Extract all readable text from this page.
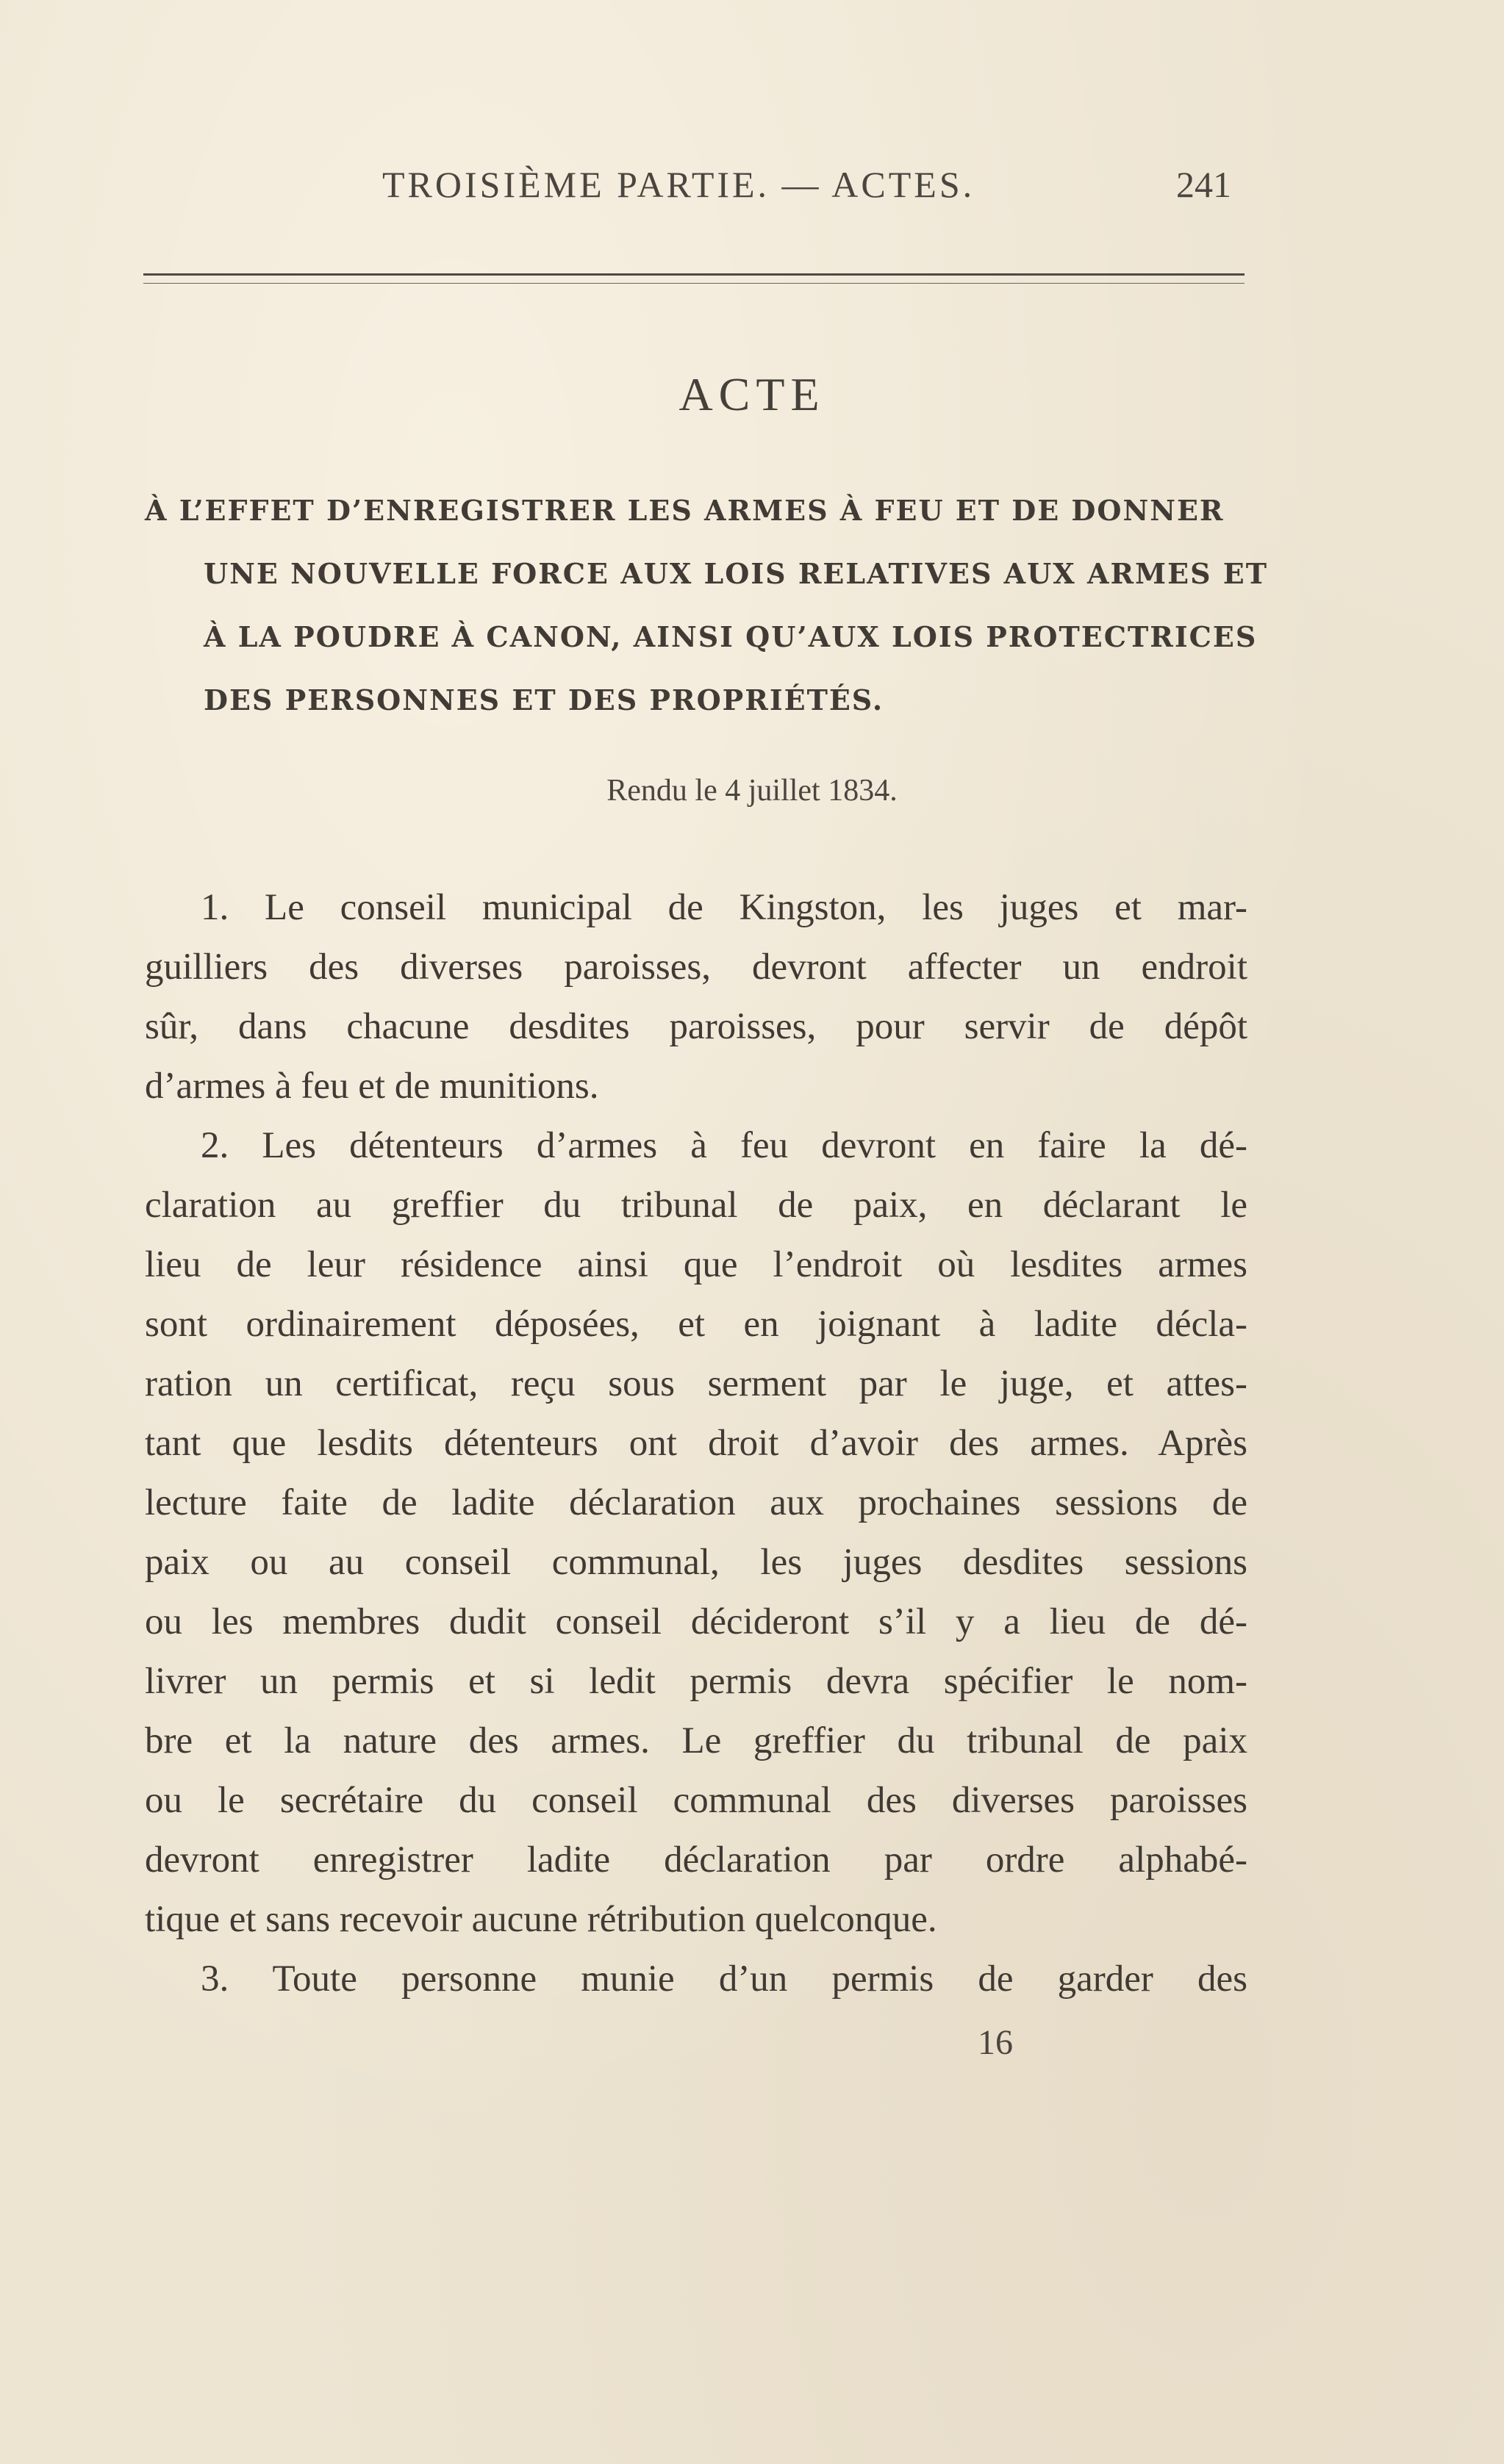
TROISIÈME PARTIE. — ACTES.	241
ACTE
À L’EFFET D’ENREGISTRER LES ARMES À FEU ET DE DONNER
UNE NOUVELLE FORCE AUX LOIS RELATIVES AUX ARMES ET
À LA POUDRE À CANON, AINSI QU’AUX LOIS PROTECTRICES
DES PERSONNES ET DES PROPRIÉTÉS.
Rendu le 4 juillet 1834.
1. Le conseil municipal de Kingston, les juges et mar-
guilliers des diverses paroisses, devront affecter un endroit
sûr, dans chacune desdites paroisses, pour servir de dépôt
d’armes à feu et de munitions.
2. Les détenteurs d’armes à feu devront en faire la dé-
claration au greffier du tribunal de paix, en déclarant le
lieu de leur résidence ainsi que l’endroit où lesdites armes
sont ordinairement déposées, et en joignant à ladite décla-
ration un certificat, reçu sous serment par le juge, et attes-
tant que lesdits détenteurs ont droit d’avoir des armes. Après
lecture faite de ladite déclaration aux prochaines sessions de
paix ou au conseil communal, les juges desdites sessions
ou les membres dudit conseil décideront s’il y a lieu de dé-
livrer un permis et si ledit permis devra spécifier le nom-
bre et la nature des armes. Le greffier du tribunal de paix
ou le secrétaire du conseil communal des diverses paroisses
devront enregistrer ladite déclaration par ordre alphabé-
tique et sans recevoir aucune rétribution quelconque.
3. Toute personne munie d’un permis de garder des
16
